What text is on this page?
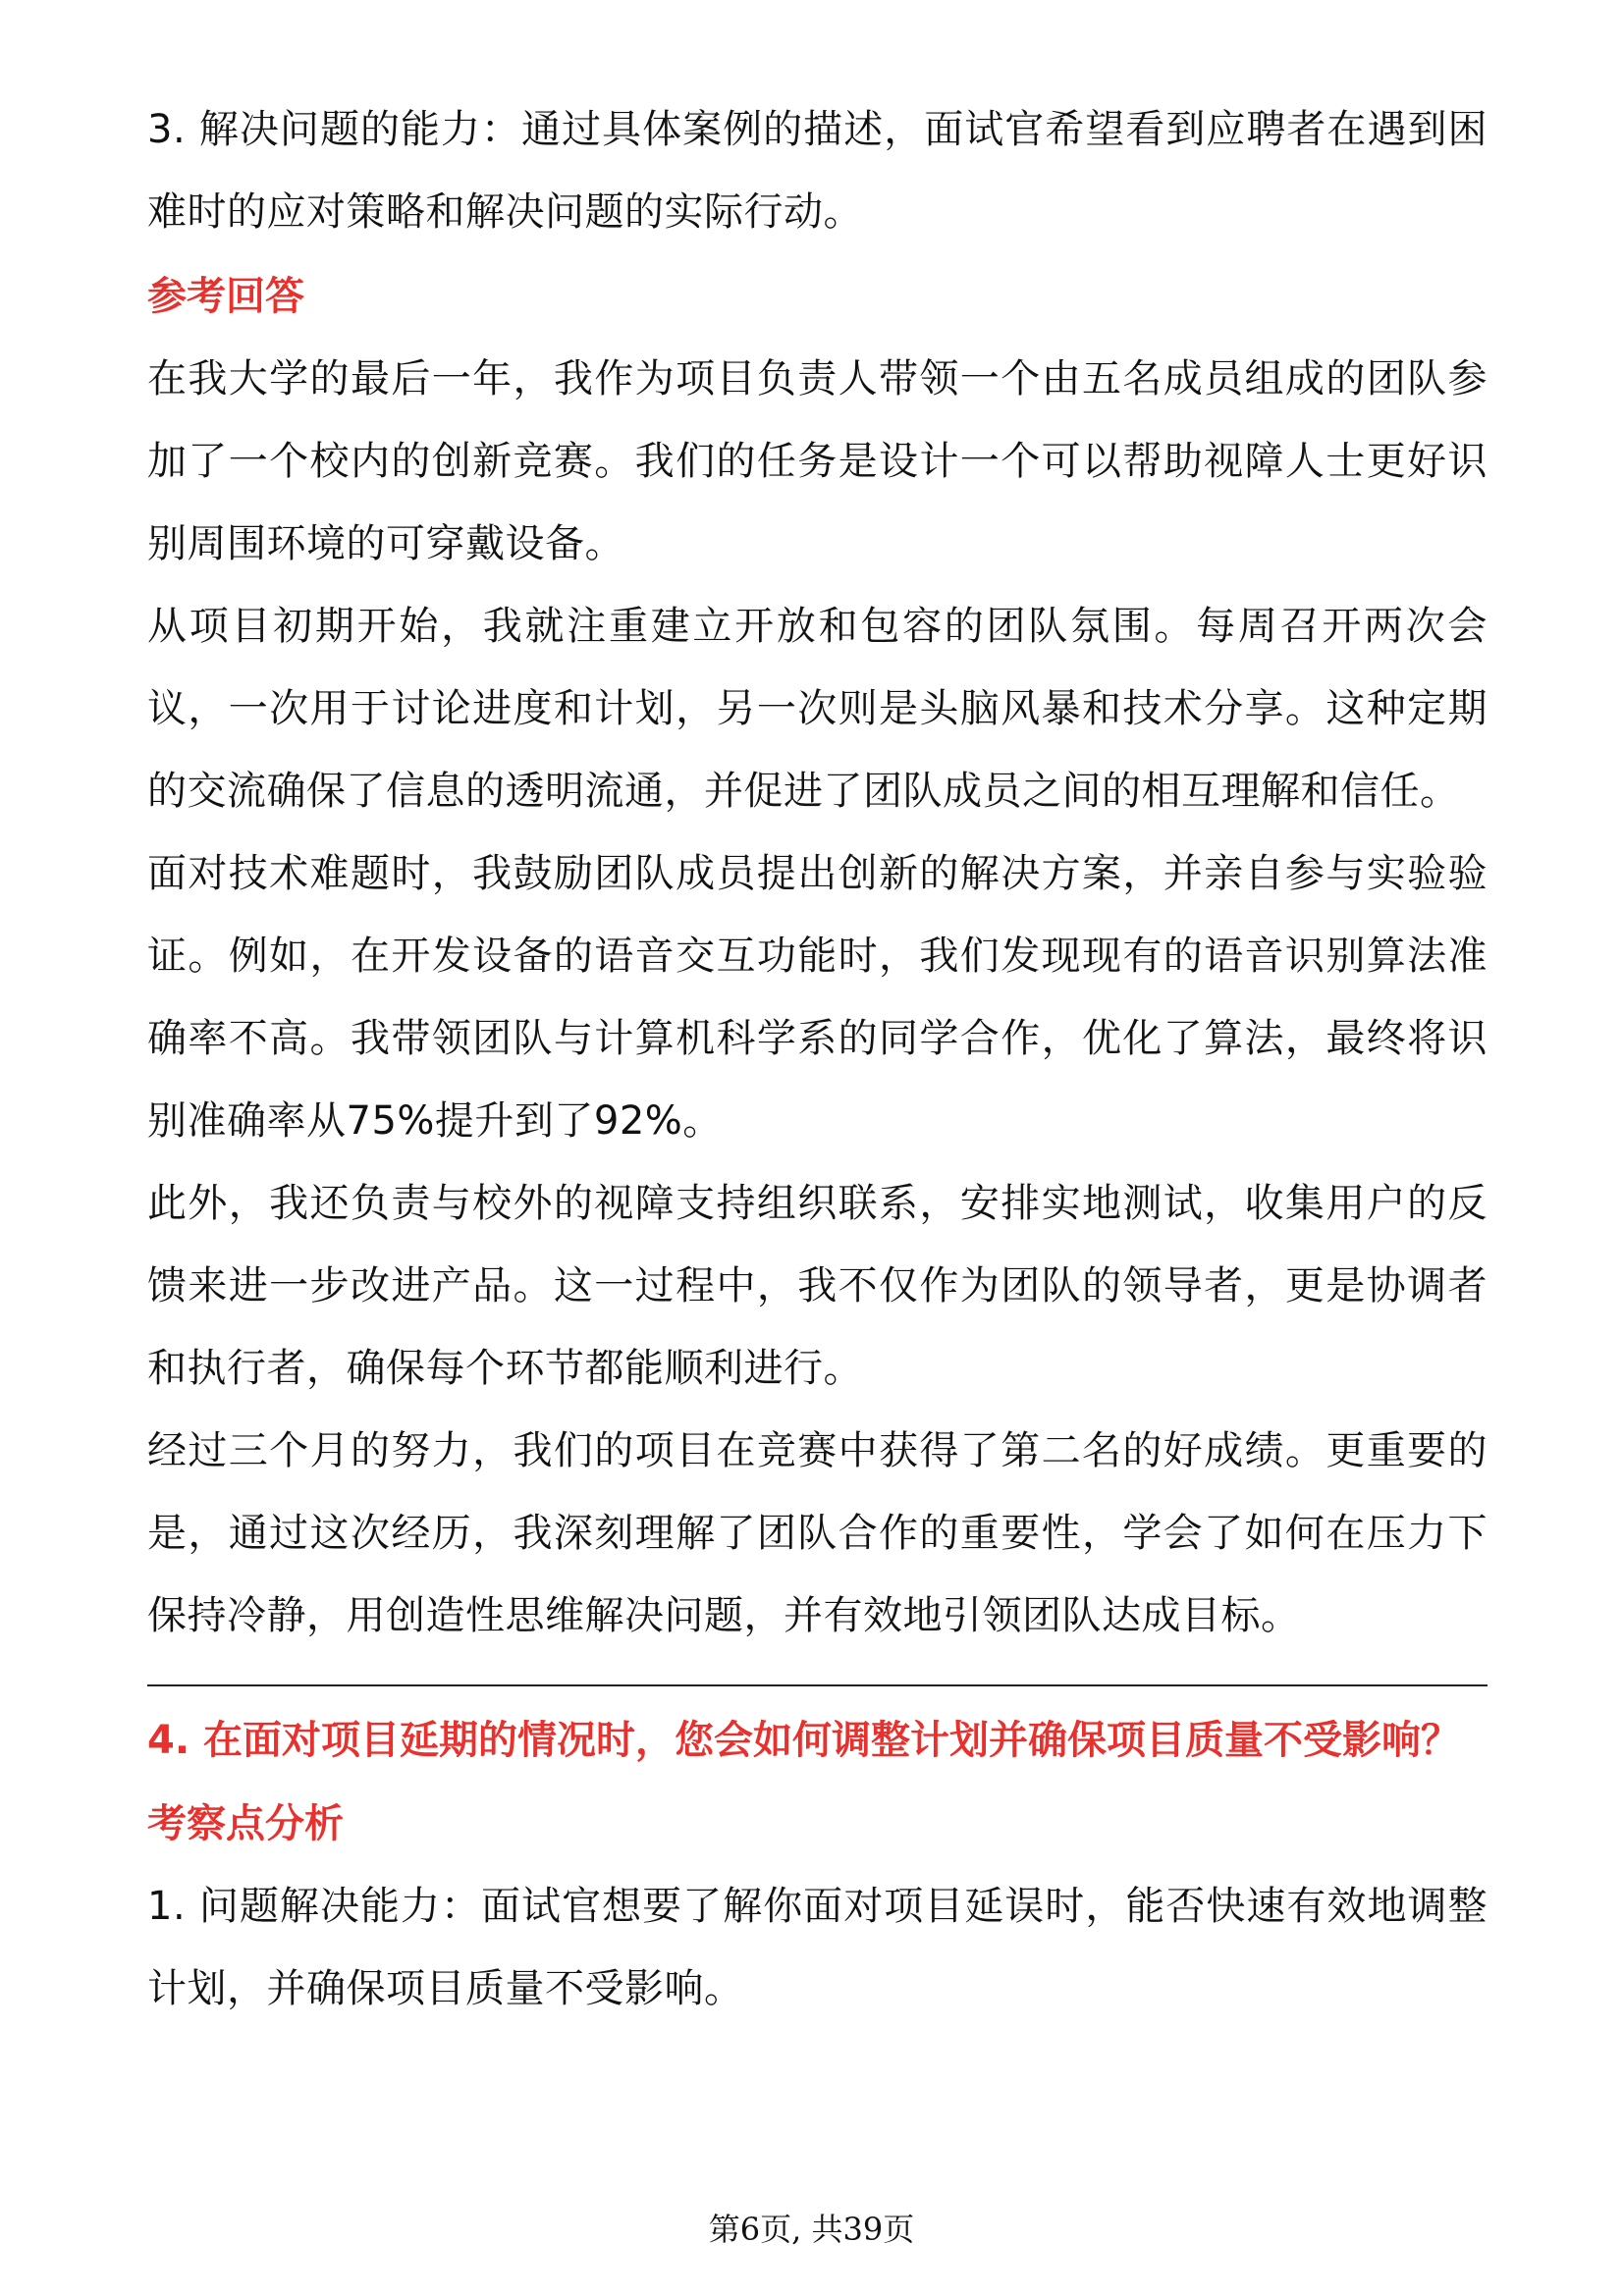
3. 解决问题的能力：通过具体案例的描述，面试官希望看到应聘者在遇到困难时的应对策略和解决问题的实际行动。

参考回答

在我大学的最后一年，我作为项目负责人带领一个由五名成员组成的团队参加了一个校内的创新竞赛。我们的任务是设计一个可以帮助视障人士更好识别周围环境的可穿戴设备。

从项目初期开始，我就注重建立开放和包容的团队氛围。每周召开两次会议，一次用于讨论进度和计划，另一次则是头脑风暴和技术分享。这种定期的交流确保了信息的透明流通，并促进了团队成员之间的相互理解和信任。

面对技术难题时，我鼓励团队成员提出创新的解决方案，并亲自参与实验验证。例如，在开发设备的语音交互功能时，我们发现现有的语音识别算法准确率不高。我带领团队与计算机科学系的同学合作，优化了算法，最终将识别准确率从75%提升到了92%。

此外，我还负责与校外的视障支持组织联系，安排实地测试，收集用户的反馈来进一步改进产品。这一过程中，我不仅作为团队的领导者，更是协调者和执行者，确保每个环节都能顺利进行。

经过三个月的努力，我们的项目在竞赛中获得了第二名的好成绩。更重要的是，通过这次经历，我深刻理解了团队合作的重要性，学会了如何在压力下保持冷静，用创造性思维解决问题，并有效地引领团队达成目标。

4. 在面对项目延期的情况时，您会如何调整计划并确保项目质量不受影响？

考察点分析

1. 问题解决能力：面试官想要了解你面对项目延误时，能否快速有效地调整计划，并确保项目质量不受影响。

第6页, 共39页
